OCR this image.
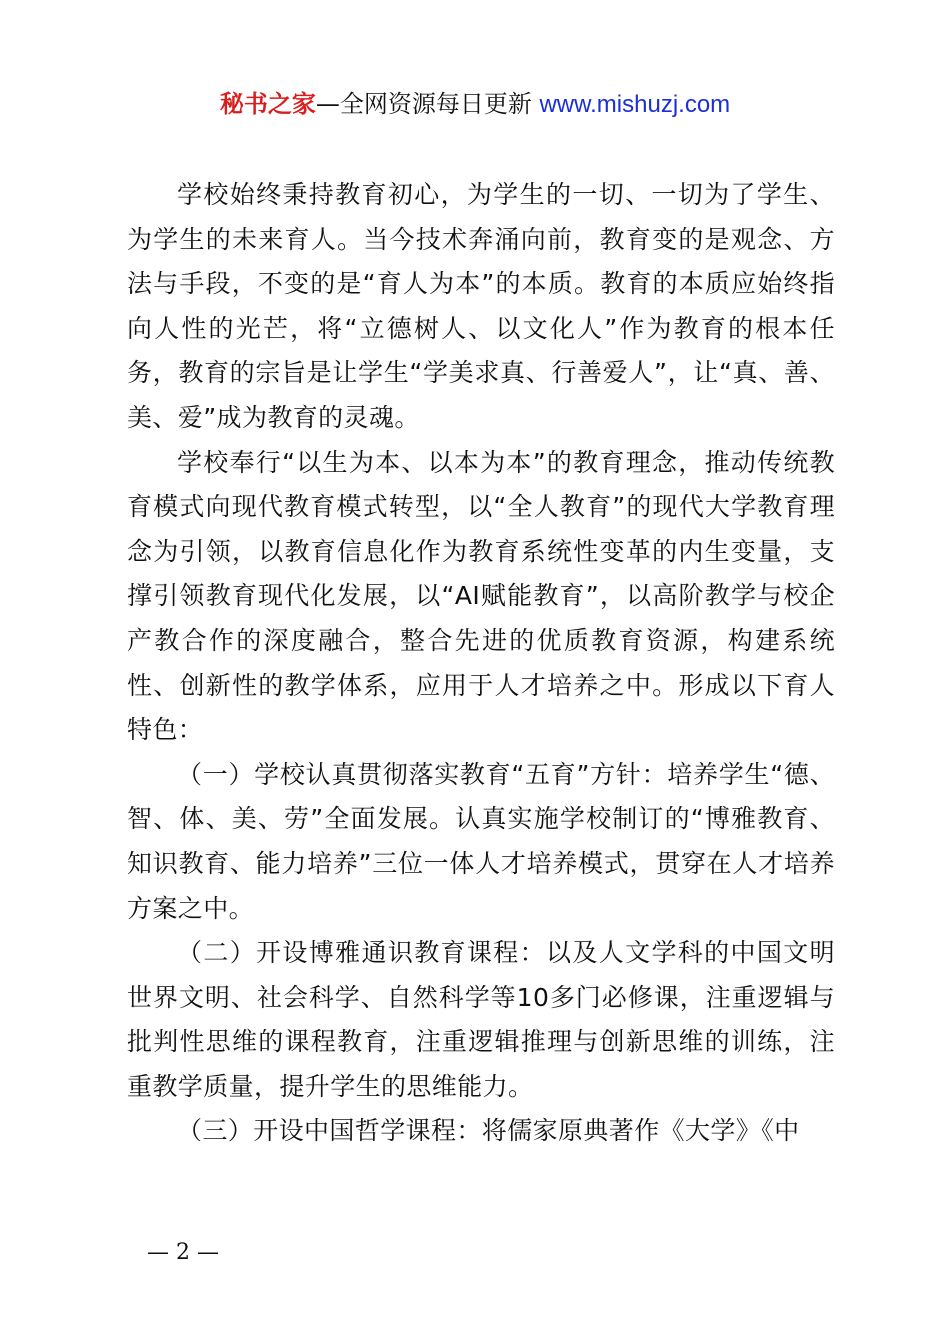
秘书之家—全网资源每日更新 www.mishuzj.com

学校始终秉持教育初心，为学生的一切、一切为了学生、为学生的未来育人。当今技术奔涌向前，教育变的是观念、方法与手段，不变的是“育人为本”的本质。教育的本质应始终指向人性的光芒，将“立德树人、以文化人”作为教育的根本任务，教育的宗旨是让学生“学美求真、行善爱人”，让“真、善、美、爱”成为教育的灵魂。

学校奉行“以生为本、以本为本”的教育理念，推动传统教育模式向现代教育模式转型，以“全人教育”的现代大学教育理念为引领，以教育信息化作为教育系统性变革的内生变量，支撑引领教育现代化发展，以“AI赋能教育”，以高阶教学与校企产教合作的深度融合，整合先进的优质教育资源，构建系统性、创新性的教学体系，应用于人才培养之中。形成以下育人特色：

（一）学校认真贯彻落实教育“五育”方针：培养学生“德、智、体、美、劳”全面发展。认真实施学校制订的“博雅教育、知识教育、能力培养”三位一体人才培养模式，贯穿在人才培养方案之中。

（二）开设博雅通识教育课程：以及人文学科的中国文明世界文明、社会科学、自然科学等10多门必修课，注重逻辑与批判性思维的课程教育，注重逻辑推理与创新思维的训练，注重教学质量，提升学生的思维能力。

（三）开设中国哲学课程：将儒家原典著作《大学》《中

— 2 —
